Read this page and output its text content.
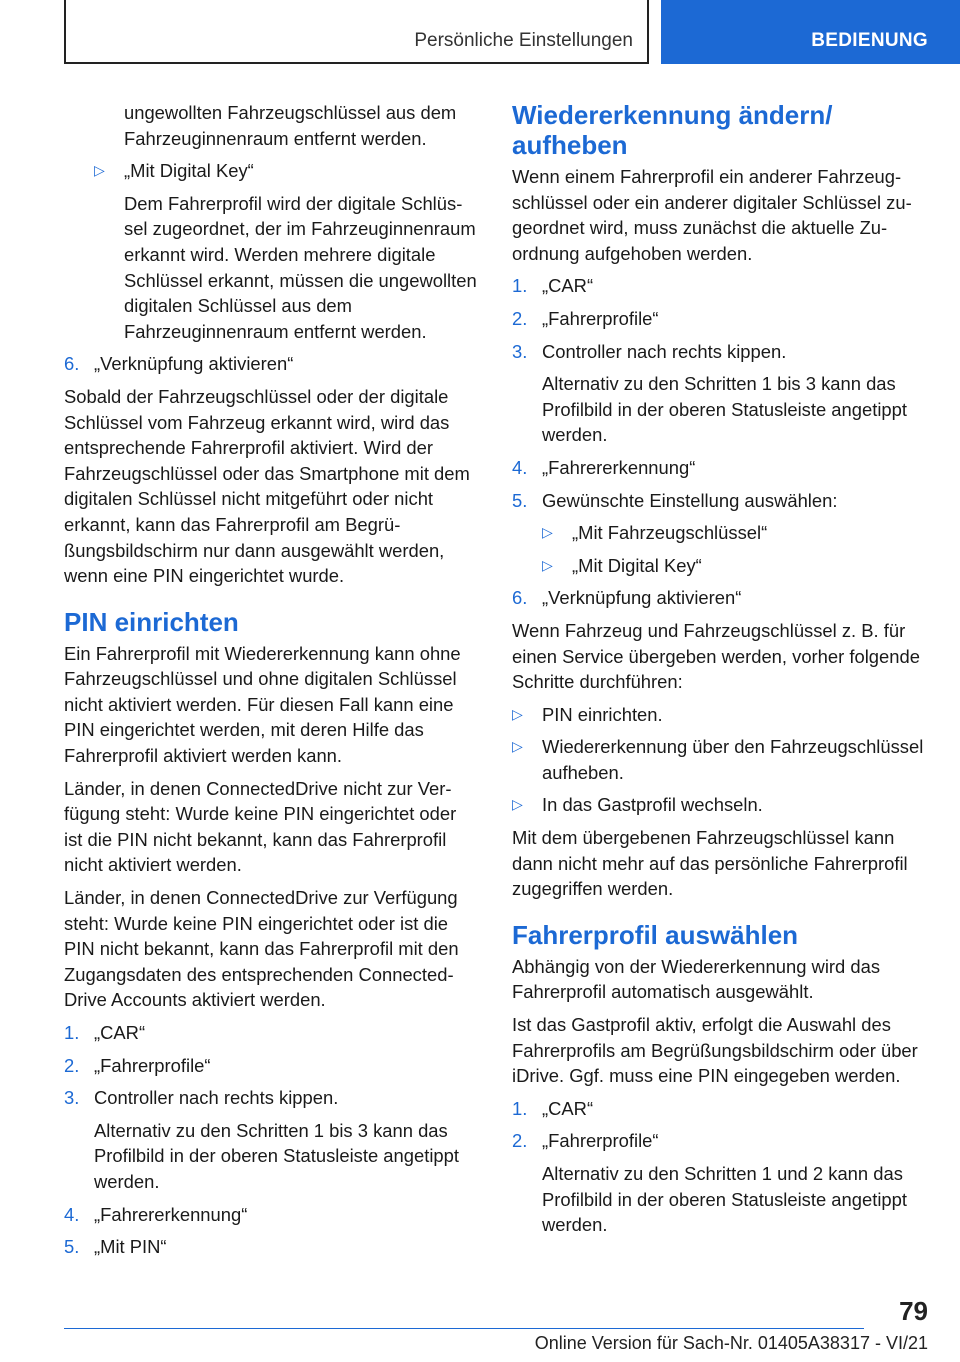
Persönliche Einstellungen	BEDIENUNG
ungewollten Fahrzeugschlüssel aus dem Fahrzeuginnenraum entfernt werden.
▷ „Mit Digital Key“
Dem Fahrerprofil wird der digitale Schlüssel zugeordnet, der im Fahrzeuginnenraum erkannt wird. Werden mehrere digitale Schlüssel erkannt, müssen die ungewollten digitalen Schlüssel aus dem Fahrzeuginnenraum entfernt werden.
6. „Verknüpfung aktivieren“

Sobald der Fahrzeugschlüssel oder der digitale Schlüssel vom Fahrzeug erkannt wird, wird das entsprechende Fahrerprofil aktiviert. Wird der Fahrzeugschlüssel oder das Smartphone mit dem digitalen Schlüssel nicht mitgeführt oder nicht erkannt, kann das Fahrerprofil am Begrüßungsbildschirm nur dann ausgewählt werden, wenn eine PIN eingerichtet wurde.

PIN einrichten

Ein Fahrerprofil mit Wiedererkennung kann ohne Fahrzeugschlüssel und ohne digitalen Schlüssel nicht aktiviert werden. Für diesen Fall kann eine PIN eingerichtet werden, mit deren Hilfe das Fahrerprofil aktiviert werden kann.

Länder, in denen ConnectedDrive nicht zur Verfügung steht: Wurde keine PIN eingerichtet oder ist die PIN nicht bekannt, kann das Fahrerprofil nicht aktiviert werden.

Länder, in denen ConnectedDrive zur Verfügung steht: Wurde keine PIN eingerichtet oder ist die PIN nicht bekannt, kann das Fahrerprofil mit den Zugangsdaten des entsprechenden ConnectedDrive Accounts aktiviert werden.

1. „CAR“
2. „Fahrerprofile“
3. Controller nach rechts kippen.
Alternativ zu den Schritten 1 bis 3 kann das Profilbild in der oberen Statusleiste angetippt werden.
4. „Fahrererkennung“
5. „Mit PIN“
Wiedererkennung ändern/ aufheben

Wenn einem Fahrerprofil ein anderer Fahrzeugschlüssel oder ein anderer digitaler Schlüssel zugeordnet wird, muss zunächst die aktuelle Zuordnung aufgehoben werden.

1. „CAR“
2. „Fahrerprofile“
3. Controller nach rechts kippen.
Alternativ zu den Schritten 1 bis 3 kann das Profilbild in der oberen Statusleiste angetippt werden.
4. „Fahrererkennung“
5. Gewünschte Einstellung auswählen:
▷ „Mit Fahrzeugschlüssel“
▷ „Mit Digital Key“
6. „Verknüpfung aktivieren“

Wenn Fahrzeug und Fahrzeugschlüssel z. B. für einen Service übergeben werden, vorher folgende Schritte durchführen:

▷ PIN einrichten.
▷ Wiedererkennung über den Fahrzeugschlüssel aufheben.
▷ In das Gastprofil wechseln.

Mit dem übergebenen Fahrzeugschlüssel kann dann nicht mehr auf das persönliche Fahrerprofil zugegriffen werden.

Fahrerprofil auswählen

Abhängig von der Wiedererkennung wird das Fahrerprofil automatisch ausgewählt.

Ist das Gastprofil aktiv, erfolgt die Auswahl des Fahrerprofils am Begrüßungsbildschirm oder über iDrive. Ggf. muss eine PIN eingegeben werden.

1. „CAR“
2. „Fahrerprofile“
Alternativ zu den Schritten 1 und 2 kann das Profilbild in der oberen Statusleiste angetippt werden.
79
Online Version für Sach-Nr. 01405A38317 - VI/21
